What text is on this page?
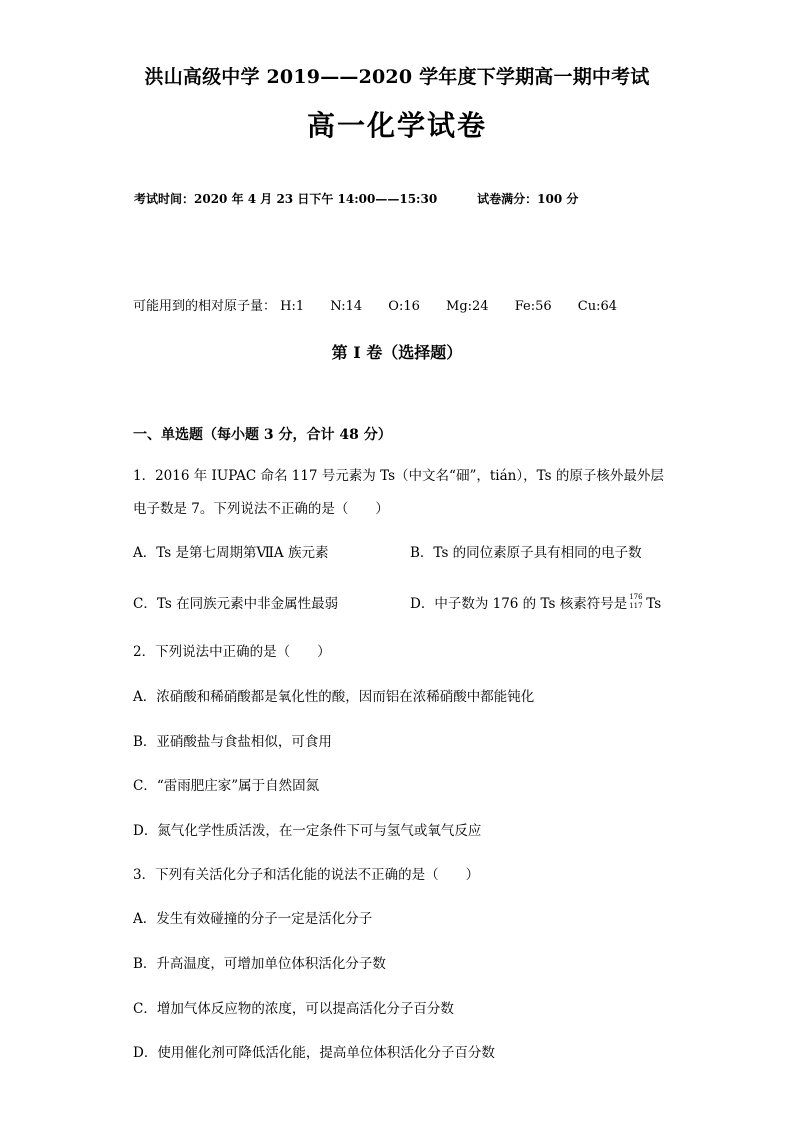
洪山高级中学 2019——2020 学年度下学期高一期中考试
高一化学试卷
考试时间：2020 年 4 月 23 日下午 14:00——15:30	试卷满分：100 分
可能用到的相对原子量： H:1 N:14 O:16 Mg:24 Fe:56 Cu:64
第 I 卷（选择题）
一、单选题（每小题 3 分，合计 48 分）
1．2016 年 IUPAC 命名 117 号元素为 Ts（中文名“鿬”，tián），Ts 的原子核外最外层
电子数是 7。下列说法不正确的是（　　）
A．Ts 是第七周期第ⅦA 族元素	B．Ts 的同位素原子具有相同的电子数
C．Ts 在同族元素中非金属性最弱	D．中子数为 176 的 Ts 核素符号是 176
117 Ts
2．下列说法中正确的是（　　）
A．浓硝酸和稀硝酸都是氧化性的酸，因而铝在浓稀硝酸中都能钝化
B．亚硝酸盐与食盐相似，可食用
C．“雷雨肥庄家”属于自然固氮
D．氮气化学性质活泼，在一定条件下可与氢气或氧气反应
3．下列有关活化分子和活化能的说法不正确的是（　　）
A．发生有效碰撞的分子一定是活化分子
B．升高温度，可增加单位体积活化分子数
C．增加气体反应物的浓度，可以提高活化分子百分数
D．使用催化剂可降低活化能，提高单位体积活化分子百分数
